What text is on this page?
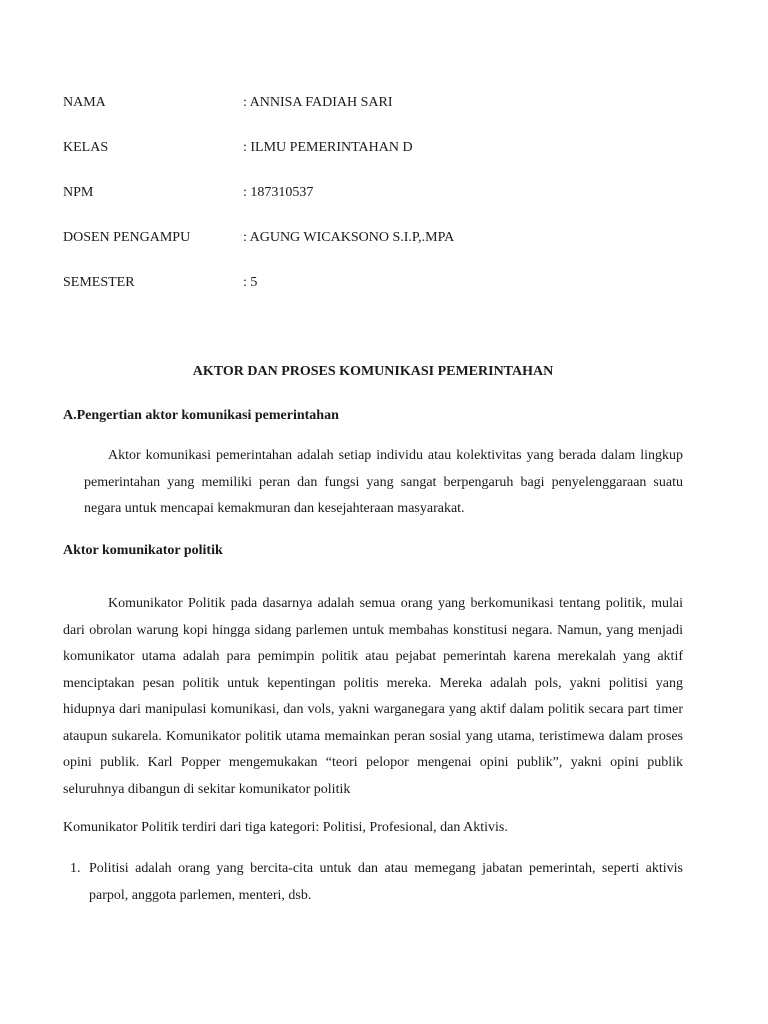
NAMA	: ANNISA FADIAH SARI
KELAS	: ILMU PEMERINTAHAN D
NPM	: 187310537
DOSEN PENGAMPU	: AGUNG WICAKSONO S.I.P,.MPA
SEMESTER	: 5
AKTOR DAN PROSES KOMUNIKASI PEMERINTAHAN
A.Pengertian aktor komunikasi pemerintahan

Aktor komunikasi pemerintahan adalah setiap individu atau kolektivitas yang berada dalam lingkup pemerintahan yang memiliki peran dan fungsi yang sangat berpengaruh bagi penyelenggaraan suatu negara untuk mencapai kemakmuran dan kesejahteraan masyarakat.

Aktor komunikator politik

Komunikator Politik pada dasarnya adalah semua orang yang berkomunikasi tentang politik, mulai dari obrolan warung kopi hingga sidang parlemen untuk membahas konstitusi negara. Namun, yang menjadi komunikator utama adalah para pemimpin politik atau pejabat pemerintah karena merekalah yang aktif menciptakan pesan politik untuk kepentingan politis mereka. Mereka adalah pols, yakni politisi yang hidupnya dari manipulasi komunikasi, dan vols, yakni warganegara yang aktif dalam politik secara part timer ataupun sukarela. Komunikator politik utama memainkan peran sosial yang utama, teristimewa dalam proses opini publik. Karl Popper mengemukakan “teori pelopor mengenai opini publik”, yakni opini publik seluruhnya dibangun di sekitar komunikator politik

Komunikator Politik terdiri dari tiga kategori: Politisi, Profesional, dan Aktivis.

1. Politisi adalah orang yang bercita-cita untuk dan atau memegang jabatan pemerintah, seperti aktivis parpol, anggota parlemen, menteri, dsb.
